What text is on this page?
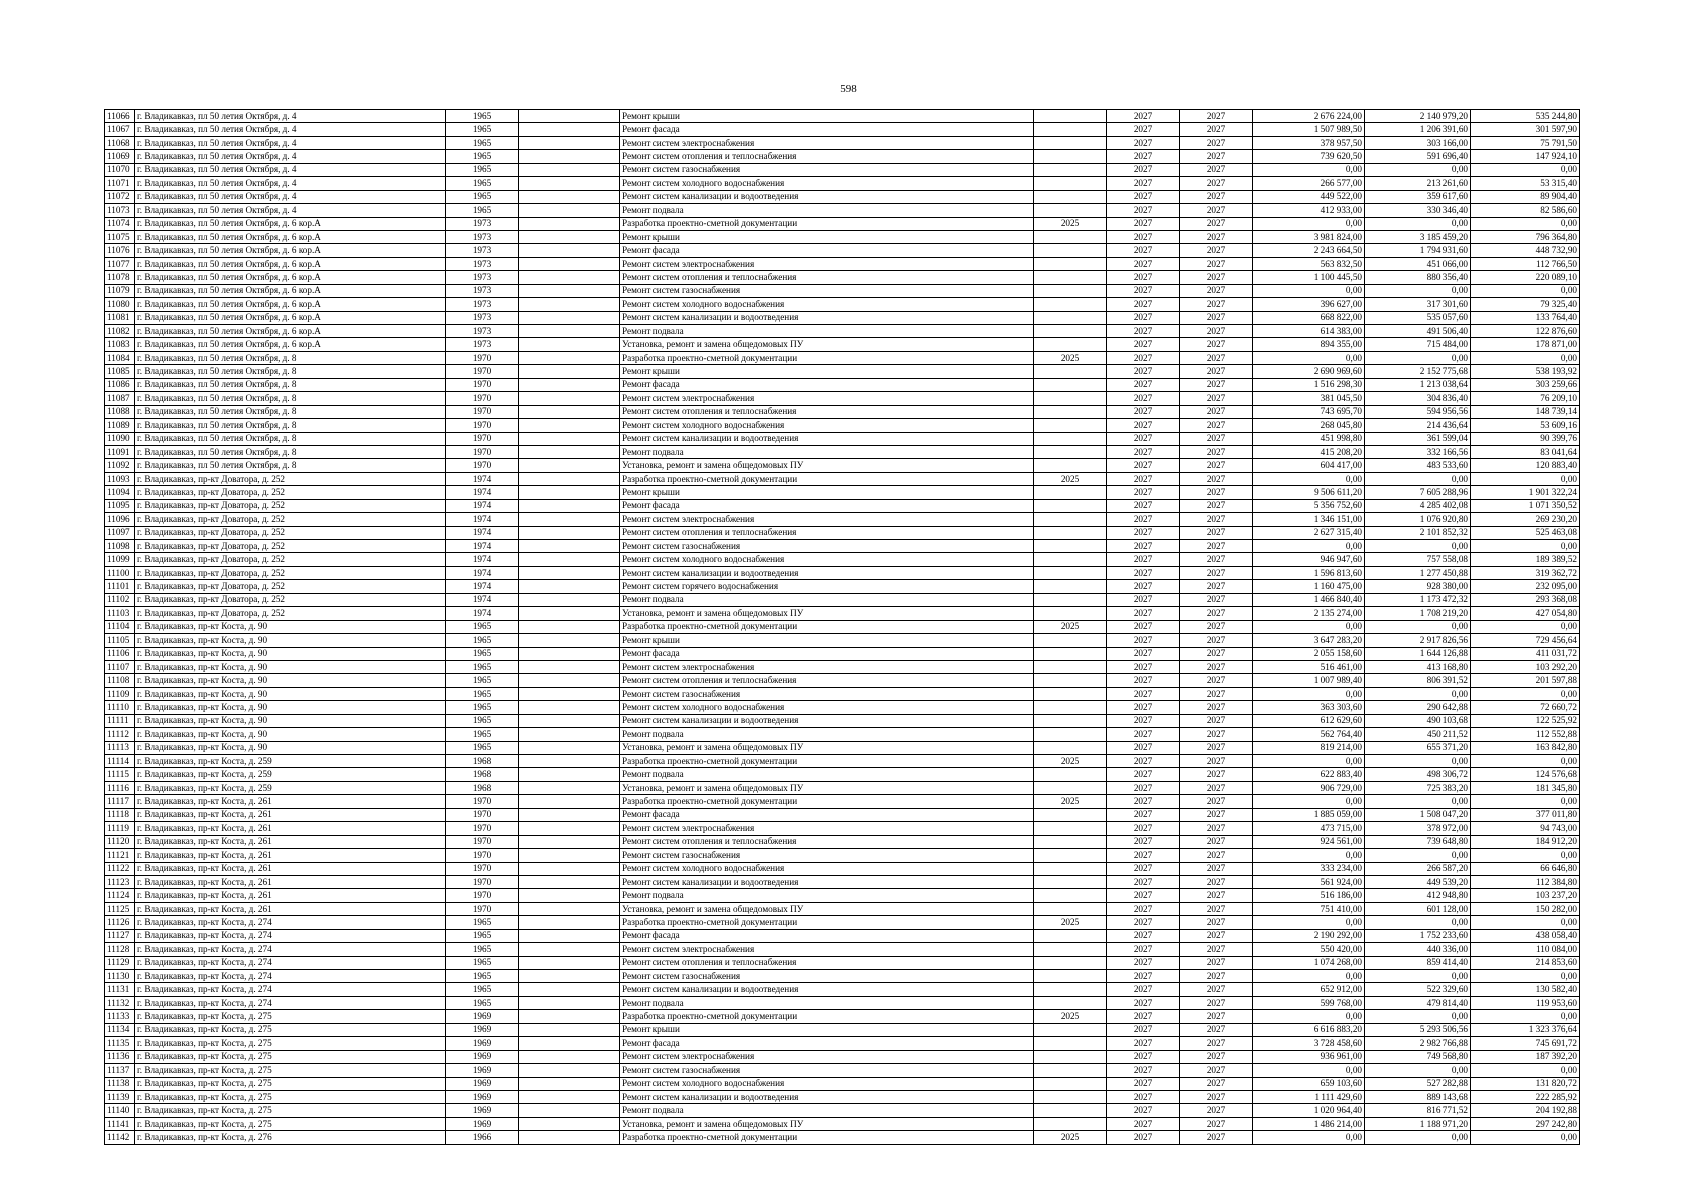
598
11066	г. Владикавказ, пл 50 летия Октября, д. 4	1965		Ремонт крыши		2027	2027	2 676 224,00	2 140 979,20	535 244,80
11067	г. Владикавказ, пл 50 летия Октября, д. 4	1965		Ремонт фасада		2027	2027	1 507 989,50	1 206 391,60	301 597,90
11068	г. Владикавказ, пл 50 летия Октября, д. 4	1965		Ремонт систем электроснабжения		2027	2027	378 957,50	303 166,00	75 791,50
11069	г. Владикавказ, пл 50 летия Октября, д. 4	1965		Ремонт систем отопления и теплоснабжения		2027	2027	739 620,50	591 696,40	147 924,10
11070	г. Владикавказ, пл 50 летия Октября, д. 4	1965		Ремонт систем газоснабжения		2027	2027	0,00	0,00	0,00
11071	г. Владикавказ, пл 50 летия Октября, д. 4	1965		Ремонт систем холодного водоснабжения		2027	2027	266 577,00	213 261,60	53 315,40
11072	г. Владикавказ, пл 50 летия Октября, д. 4	1965		Ремонт систем канализации и водоотведения		2027	2027	449 522,00	359 617,60	89 904,40
11073	г. Владикавказ, пл 50 летия Октября, д. 4	1965		Ремонт подвала		2027	2027	412 933,00	330 346,40	82 586,60
11074	г. Владикавказ, пл 50 летия Октября, д. 6 кор.А	1973		Разработка проектно-сметной документации	2025	2027	2027	0,00	0,00	0,00
11075	г. Владикавказ, пл 50 летия Октября, д. 6 кор.А	1973		Ремонт крыши		2027	2027	3 981 824,00	3 185 459,20	796 364,80
11076	г. Владикавказ, пл 50 летия Октября, д. 6 кор.А	1973		Ремонт фасада		2027	2027	2 243 664,50	1 794 931,60	448 732,90
11077	г. Владикавказ, пл 50 летия Октября, д. 6 кор.А	1973		Ремонт систем электроснабжения		2027	2027	563 832,50	451 066,00	112 766,50
11078	г. Владикавказ, пл 50 летия Октября, д. 6 кор.А	1973		Ремонт систем отопления и теплоснабжения		2027	2027	1 100 445,50	880 356,40	220 089,10
11079	г. Владикавказ, пл 50 летия Октября, д. 6 кор.А	1973		Ремонт систем газоснабжения		2027	2027	0,00	0,00	0,00
11080	г. Владикавказ, пл 50 летия Октября, д. 6 кор.А	1973		Ремонт систем холодного водоснабжения		2027	2027	396 627,00	317 301,60	79 325,40
11081	г. Владикавказ, пл 50 летия Октября, д. 6 кор.А	1973		Ремонт систем канализации и водоотведения		2027	2027	668 822,00	535 057,60	133 764,40
11082	г. Владикавказ, пл 50 летия Октября, д. 6 кор.А	1973		Ремонт подвала		2027	2027	614 383,00	491 506,40	122 876,60
11083	г. Владикавказ, пл 50 летия Октября, д. 6 кор.А	1973		Установка, ремонт и замена общедомовых ПУ		2027	2027	894 355,00	715 484,00	178 871,00
11084	г. Владикавказ, пл 50 летия Октября, д. 8	1970		Разработка проектно-сметной документации	2025	2027	2027	0,00	0,00	0,00
11085	г. Владикавказ, пл 50 летия Октября, д. 8	1970		Ремонт крыши		2027	2027	2 690 969,60	2 152 775,68	538 193,92
11086	г. Владикавказ, пл 50 летия Октября, д. 8	1970		Ремонт фасада		2027	2027	1 516 298,30	1 213 038,64	303 259,66
11087	г. Владикавказ, пл 50 летия Октября, д. 8	1970		Ремонт систем электроснабжения		2027	2027	381 045,50	304 836,40	76 209,10
11088	г. Владикавказ, пл 50 летия Октября, д. 8	1970		Ремонт систем отопления и теплоснабжения		2027	2027	743 695,70	594 956,56	148 739,14
11089	г. Владикавказ, пл 50 летия Октября, д. 8	1970		Ремонт систем холодного водоснабжения		2027	2027	268 045,80	214 436,64	53 609,16
11090	г. Владикавказ, пл 50 летия Октября, д. 8	1970		Ремонт систем канализации и водоотведения		2027	2027	451 998,80	361 599,04	90 399,76
11091	г. Владикавказ, пл 50 летия Октября, д. 8	1970		Ремонт подвала		2027	2027	415 208,20	332 166,56	83 041,64
11092	г. Владикавказ, пл 50 летия Октября, д. 8	1970		Установка, ремонт и замена общедомовых ПУ		2027	2027	604 417,00	483 533,60	120 883,40
11093	г. Владикавказ, пр-кт Доватора, д. 252	1974		Разработка проектно-сметной документации	2025	2027	2027	0,00	0,00	0,00
11094	г. Владикавказ, пр-кт Доватора, д. 252	1974		Ремонт крыши		2027	2027	9 506 611,20	7 605 288,96	1 901 322,24
11095	г. Владикавказ, пр-кт Доватора, д. 252	1974		Ремонт фасада		2027	2027	5 356 752,60	4 285 402,08	1 071 350,52
11096	г. Владикавказ, пр-кт Доватора, д. 252	1974		Ремонт систем электроснабжения		2027	2027	1 346 151,00	1 076 920,80	269 230,20
11097	г. Владикавказ, пр-кт Доватора, д. 252	1974		Ремонт систем отопления и теплоснабжения		2027	2027	2 627 315,40	2 101 852,32	525 463,08
11098	г. Владикавказ, пр-кт Доватора, д. 252	1974		Ремонт систем газоснабжения		2027	2027	0,00	0,00	0,00
11099	г. Владикавказ, пр-кт Доватора, д. 252	1974		Ремонт систем холодного водоснабжения		2027	2027	946 947,60	757 558,08	189 389,52
11100	г. Владикавказ, пр-кт Доватора, д. 252	1974		Ремонт систем канализации и водоотведения		2027	2027	1 596 813,60	1 277 450,88	319 362,72
11101	г. Владикавказ, пр-кт Доватора, д. 252	1974		Ремонт систем горячего водоснабжения		2027	2027	1 160 475,00	928 380,00	232 095,00
11102	г. Владикавказ, пр-кт Доватора, д. 252	1974		Ремонт подвала		2027	2027	1 466 840,40	1 173 472,32	293 368,08
11103	г. Владикавказ, пр-кт Доватора, д. 252	1974		Установка, ремонт и замена общедомовых ПУ		2027	2027	2 135 274,00	1 708 219,20	427 054,80
11104	г. Владикавказ, пр-кт Коста, д. 90	1965		Разработка проектно-сметной документации	2025	2027	2027	0,00	0,00	0,00
11105	г. Владикавказ, пр-кт Коста, д. 90	1965		Ремонт крыши		2027	2027	3 647 283,20	2 917 826,56	729 456,64
11106	г. Владикавказ, пр-кт Коста, д. 90	1965		Ремонт фасада		2027	2027	2 055 158,60	1 644 126,88	411 031,72
11107	г. Владикавказ, пр-кт Коста, д. 90	1965		Ремонт систем электроснабжения		2027	2027	516 461,00	413 168,80	103 292,20
11108	г. Владикавказ, пр-кт Коста, д. 90	1965		Ремонт систем отопления и теплоснабжения		2027	2027	1 007 989,40	806 391,52	201 597,88
11109	г. Владикавказ, пр-кт Коста, д. 90	1965		Ремонт систем газоснабжения		2027	2027	0,00	0,00	0,00
11110	г. Владикавказ, пр-кт Коста, д. 90	1965		Ремонт систем холодного водоснабжения		2027	2027	363 303,60	290 642,88	72 660,72
11111	г. Владикавказ, пр-кт Коста, д. 90	1965		Ремонт систем канализации и водоотведения		2027	2027	612 629,60	490 103,68	122 525,92
11112	г. Владикавказ, пр-кт Коста, д. 90	1965		Ремонт подвала		2027	2027	562 764,40	450 211,52	112 552,88
11113	г. Владикавказ, пр-кт Коста, д. 90	1965		Установка, ремонт и замена общедомовых ПУ		2027	2027	819 214,00	655 371,20	163 842,80
11114	г. Владикавказ, пр-кт Коста, д. 259	1968		Разработка проектно-сметной документации	2025	2027	2027	0,00	0,00	0,00
11115	г. Владикавказ, пр-кт Коста, д. 259	1968		Ремонт подвала		2027	2027	622 883,40	498 306,72	124 576,68
11116	г. Владикавказ, пр-кт Коста, д. 259	1968		Установка, ремонт и замена общедомовых ПУ		2027	2027	906 729,00	725 383,20	181 345,80
11117	г. Владикавказ, пр-кт Коста, д. 261	1970		Разработка проектно-сметной документации	2025	2027	2027	0,00	0,00	0,00
11118	г. Владикавказ, пр-кт Коста, д. 261	1970		Ремонт фасада		2027	2027	1 885 059,00	1 508 047,20	377 011,80
11119	г. Владикавказ, пр-кт Коста, д. 261	1970		Ремонт систем электроснабжения		2027	2027	473 715,00	378 972,00	94 743,00
11120	г. Владикавказ, пр-кт Коста, д. 261	1970		Ремонт систем отопления и теплоснабжения		2027	2027	924 561,00	739 648,80	184 912,20
11121	г. Владикавказ, пр-кт Коста, д. 261	1970		Ремонт систем газоснабжения		2027	2027	0,00	0,00	0,00
11122	г. Владикавказ, пр-кт Коста, д. 261	1970		Ремонт систем холодного водоснабжения		2027	2027	333 234,00	266 587,20	66 646,80
11123	г. Владикавказ, пр-кт Коста, д. 261	1970		Ремонт систем канализации и водоотведения		2027	2027	561 924,00	449 539,20	112 384,80
11124	г. Владикавказ, пр-кт Коста, д. 261	1970		Ремонт подвала		2027	2027	516 186,00	412 948,80	103 237,20
11125	г. Владикавказ, пр-кт Коста, д. 261	1970		Установка, ремонт и замена общедомовых ПУ		2027	2027	751 410,00	601 128,00	150 282,00
11126	г. Владикавказ, пр-кт Коста, д. 274	1965		Разработка проектно-сметной документации	2025	2027	2027	0,00	0,00	0,00
11127	г. Владикавказ, пр-кт Коста, д. 274	1965		Ремонт фасада		2027	2027	2 190 292,00	1 752 233,60	438 058,40
11128	г. Владикавказ, пр-кт Коста, д. 274	1965		Ремонт систем электроснабжения		2027	2027	550 420,00	440 336,00	110 084,00
11129	г. Владикавказ, пр-кт Коста, д. 274	1965		Ремонт систем отопления и теплоснабжения		2027	2027	1 074 268,00	859 414,40	214 853,60
11130	г. Владикавказ, пр-кт Коста, д. 274	1965		Ремонт систем газоснабжения		2027	2027	0,00	0,00	0,00
11131	г. Владикавказ, пр-кт Коста, д. 274	1965		Ремонт систем канализации и водоотведения		2027	2027	652 912,00	522 329,60	130 582,40
11132	г. Владикавказ, пр-кт Коста, д. 274	1965		Ремонт подвала		2027	2027	599 768,00	479 814,40	119 953,60
11133	г. Владикавказ, пр-кт Коста, д. 275	1969		Разработка проектно-сметной документации	2025	2027	2027	0,00	0,00	0,00
11134	г. Владикавказ, пр-кт Коста, д. 275	1969		Ремонт крыши		2027	2027	6 616 883,20	5 293 506,56	1 323 376,64
11135	г. Владикавказ, пр-кт Коста, д. 275	1969		Ремонт фасада		2027	2027	3 728 458,60	2 982 766,88	745 691,72
11136	г. Владикавказ, пр-кт Коста, д. 275	1969		Ремонт систем электроснабжения		2027	2027	936 961,00	749 568,80	187 392,20
11137	г. Владикавказ, пр-кт Коста, д. 275	1969		Ремонт систем газоснабжения		2027	2027	0,00	0,00	0,00
11138	г. Владикавказ, пр-кт Коста, д. 275	1969		Ремонт систем холодного водоснабжения		2027	2027	659 103,60	527 282,88	131 820,72
11139	г. Владикавказ, пр-кт Коста, д. 275	1969		Ремонт систем канализации и водоотведения		2027	2027	1 111 429,60	889 143,68	222 285,92
11140	г. Владикавказ, пр-кт Коста, д. 275	1969		Ремонт подвала		2027	2027	1 020 964,40	816 771,52	204 192,88
11141	г. Владикавказ, пр-кт Коста, д. 275	1969		Установка, ремонт и замена общедомовых ПУ		2027	2027	1 486 214,00	1 188 971,20	297 242,80
11142	г. Владикавказ, пр-кт Коста, д. 276	1966		Разработка проектно-сметной документации	2025	2027	2027	0,00	0,00	0,00
